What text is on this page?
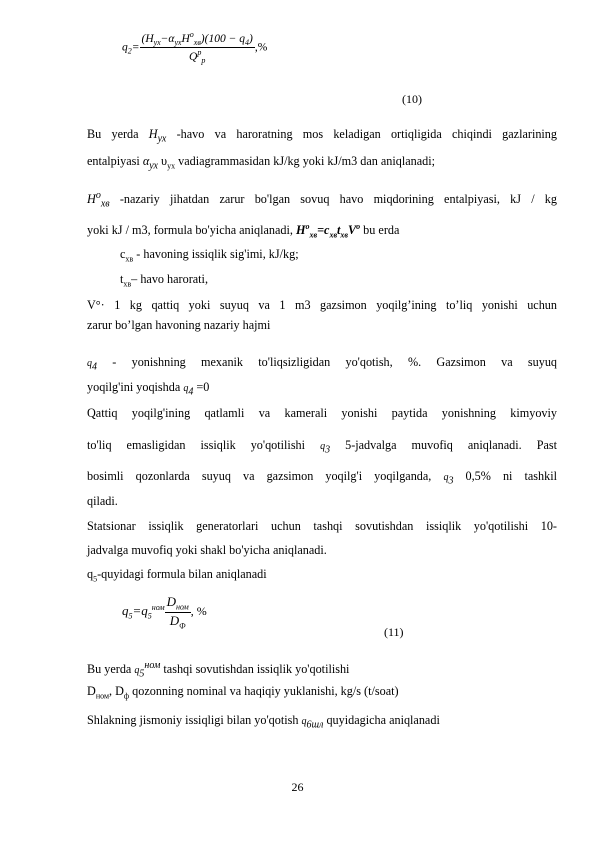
$q_2= \frac{(H_{ух}-\alpha_{ух}H^o_{хв})(100 - q_4)}{Q^p_p}$ ,%
(10)
Bu yerda $H_{ух}$ -havo va haroratning mos keladigan ortiqligida chiqindi gazlarining
entalpiyasi $\alpha_{ух}$ $\upsilon_{ух}$ vadiagrammasidan kJ/kg yoki kJ/m3 dan aniqlanadi;
$H^o_{хв}$ -nazariy jihatdan zarur bo'lgan sovuq havo miqdorining entalpiyasi, kJ / kg
yoki kJ / m3, formula bo'yicha aniqlanadi, $H^o_{хв}=c_{хв}t_{хв}V^o$ bu erda
$c_{хв}$ - havoning issiqlik sig'imi, kJ/kg;
$t_{хв}-$ havo harorati,
V°· 1 kg qattiq yoki suyuq va 1 m3 gazsimon yoqilg’ining to’liq yonishi uchun
zarur bo’lgan havoning nazariy hajmi
$q_4$ - yonishning mexanik to'liqsizligidan yo'qotish, %. Gazsimon va suyuq
yoqilg'ini yoqishda $q_4 =0$
Qattiq yoqilg'ining qatlamli va kamerali yonishi paytida yonishning kimyoviy
to'liq emasligidan issiqlik yo'qotilishi $q_3$ 5-jadvalga muvofiq aniqlanadi. Past
bosimli qozonlarda suyuq va gazsimon yoqilg'i yoqilganda, $q_3$ 0,5% ni tashkil
qiladi.
Statsionar issiqlik generatorlari uchun tashqi sovutishdan issiqlik yo'qotilishi 10-
jadvalga muvofiq yoki shakl bo'yicha aniqlanadi.
$q_5$-quyidagi formula bilan aniqlanadi
$q_5=q_5^{ном} \frac{D_{ном}}{D_Ф}$ , %
(11)
Bu yerda $q_5^{ном}$ tashqi sovutishdan issiqlik yo'qotilishi
$D_{ном}$, $D_ф$ qozonning nominal va haqiqiy yuklanishi, kg/s (t/soat)
Shlakning jismoniy issiqligi bilan yo'qotish $q_{6шл}$ quyidagicha aniqlanadi
26
